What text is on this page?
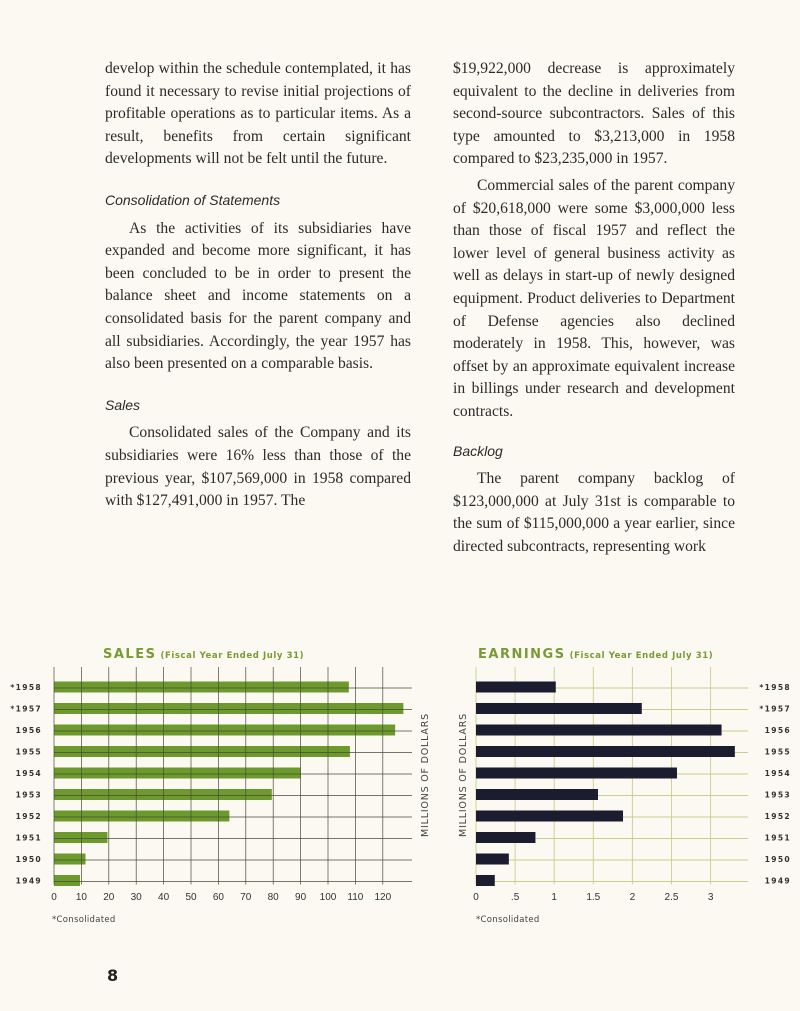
develop within the schedule contemplated, it has found it necessary to revise initial projections of profitable operations as to particular items. As a result, benefits from certain significant developments will not be felt until the future.

Consolidation of Statements

As the activities of its subsidiaries have expanded and become more significant, it has been concluded to be in order to present the balance sheet and income statements on a consolidated basis for the parent company and all subsidiaries. Accordingly, the year 1957 has also been presented on a comparable basis.

Sales

Consolidated sales of the Company and its subsidiaries were 16% less than those of the previous year, $107,569,000 in 1958 compared with $127,491,000 in 1957. The

$19,922,000 decrease is approximately equivalent to the decline in deliveries from second-source subcontractors. Sales of this type amounted to $3,213,000 in 1958 compared to $23,235,000 in 1957.

Commercial sales of the parent company of $20,618,000 were some $3,000,000 less than those of fiscal 1957 and reflect the lower level of general business activity as well as delays in start-up of newly designed equipment. Product deliveries to Department of Defense agencies also declined moderately in 1958. This, however, was offset by an approximate equivalent increase in billings under research and development contracts.

Backlog

The parent company backlog of $123,000,000 at July 31st is comparable to the sum of $115,000,000 a year earlier, since directed subcontracts, representing work

SALES (Fiscal Year Ended July 31)	EARNINGS (Fiscal Year Ended July 31)
*1958
*1957
1956
1955
1954
1953
1952
1951
1950
1949
0 10 20 30 40 50 60 70 80 90 100 110 120
MILLIONS OF DOLLARS
*1958
*1957
1956
1955
1954
1953
1952
1951
1950
1949
0	.5	1	1.5	2	2.5	3
MILLIONS OF DOLLARS
*Consolidated	*Consolidated
8
